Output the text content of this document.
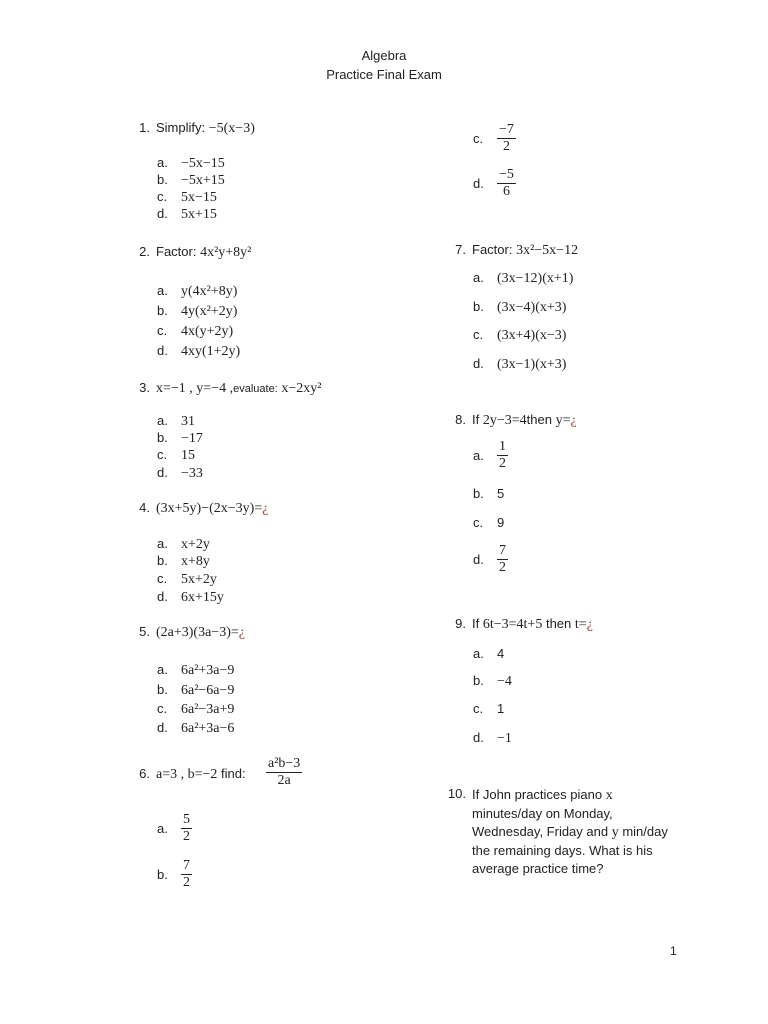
Algebra
Practice Final Exam
1. Simplify: −5(x−3)
a. −5x−15
b. −5x+15
c. 5x−15
d. 5x+15
2. Factor: 4x²y+8y²
a. y(4x²+8y)
b. 4y(x²+2y)
c. 4x(y+2y)
d. 4xy(1+2y)
3. x=−1 , y=−4 ,evaluate: x−2xy²
a. 31
b. −17
c. 15
d. −33
4. (3x+5y)−(2x−3y)=¿
a. x+2y
b. x+8y
c. 5x+2y
d. 6x+15y
5. (2a+3)(3a−3)=¿
a. 6a²+3a−9
b. 6a²−6a−9
c. 6a²−3a+9
d. 6a²+3a−6
6. a=3 , b=−2 find: $\frac{\text{a²b−3}}{2a}$
a. $\frac{5}{2}$
b. $\frac{7}{2}$
c. $\frac{-7}{2}$
d. $\frac{-5}{6}$
7. Factor: 3x²−5x−12
a. (3x−12)(x+1)
b. (3x−4)(x+3)
c. (3x+4)(x−3)
d. (3x−1)(x+3)
8. If 2y−3=4then y=¿
a. $\frac{1}{2}$
b. 5
c. 9
d. $\frac{7}{2}$
9. If 6t−3=4t+5 then t=¿
a. 4
b. −4
c. 1
d. −1
10. If John practices piano x minutes/day on Monday, Wednesday, Friday and y min/day the remaining days. What is his average practice time?
1
